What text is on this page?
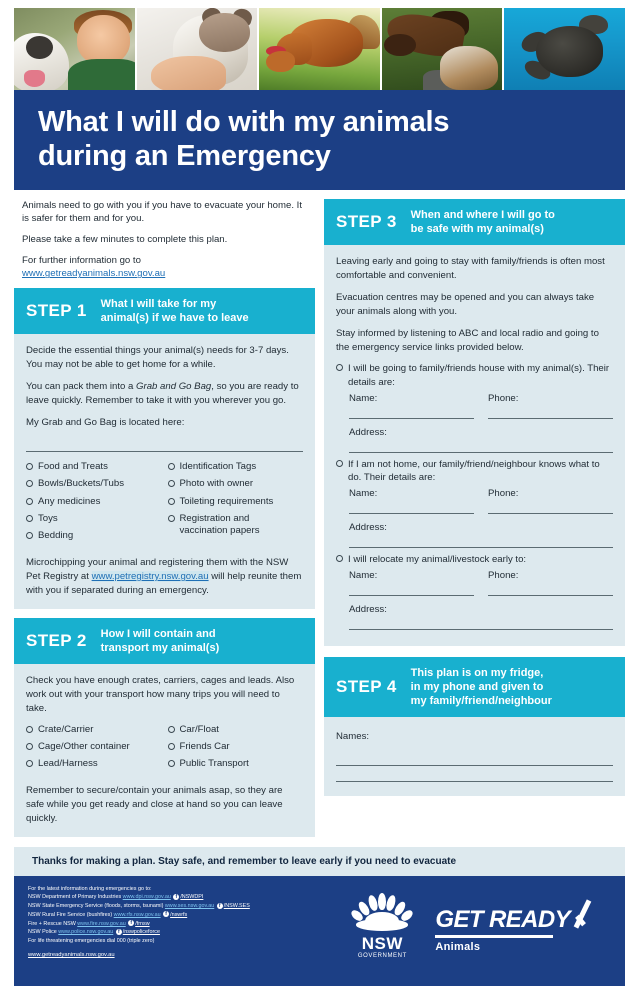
What I will do with my animals
during an Emergency

Animals need to go with you if you have to evacuate your home. It is safer for them and for you.

Please take a few minutes to complete this plan.

For further information go to
www.getreadyanimals.nsw.gov.au

STEP 1 What I will take for my
animal(s) if we have to leave

Decide the essential things your animal(s) needs for 3-7 days. You may not be able to get home for a while.

You can pack them into a Grab and Go Bag, so you are ready to leave quickly. Remember to take it with you wherever you go.

My Grab and Go Bag is located here:

Food and Treats
Bowls/Buckets/Tubs
Any medicines
Toys
Bedding
Identification Tags
Photo with owner
Toileting requirements
Registration and
vaccination papers

Microchipping your animal and registering them with the NSW Pet Registry at www.petregistry.nsw.gov.au will help reunite them with you if separated during an emergency.

STEP 2 How I will contain and
transport my animal(s)

Check you have enough crates, carriers, cages and leads. Also work out with your transport how many trips you will need to take.

Crate/Carrier
Cage/Other container
Lead/Harness
Car/Float
Friends Car
Public Transport

Remember to secure/contain your animals asap, so they are safe while you get ready and close at hand so you can leave quickly.

STEP 3 When and where I will go to
be safe with my animal(s)

Leaving early and going to stay with family/friends is often most comfortable and convenient.

Evacuation centres may be opened and you can always take your animals along with you.

Stay informed by listening to ABC and local radio and going to the emergency service links provided below.

I will be going to family/friends house with my animal(s). Their details are:
Name:	Phone:
Address:
If I am not home, our family/friend/neighbour knows what to do. Their details are:
Name:	Phone:
Address:
I will relocate my animal/livestock early to:
Name:	Phone:
Address:
STEP 4
This plan is on my fridge,
in my phone and given to
my family/friend/neighbour
Names:
Thanks for making a plan. Stay safe, and remember to leave early if you need to evacuate
For the latest information during emergencies go to:
NSW Department of Primary Industries www.dpi.nsw.gov.au f /NSWDPI
NSW State Emergency Service (floods, storms, tsunami) www.ses.nsw.gov.au f /NSW.SES
NSW Rural Fire Service (bushfires) www.rfs.nsw.gov.au f /nswrfs
Fire + Rescue NSW www.fire.nsw.gov.au f /frnsw
NSW Police www.police.nsw.gov.au f /nswpoliceforce
For life threatening emergencies dial 000 (triple zero)
www.getreadyanimals.nsw.gov.au
NSW
GOVERNMENT
GET READY
Animals
